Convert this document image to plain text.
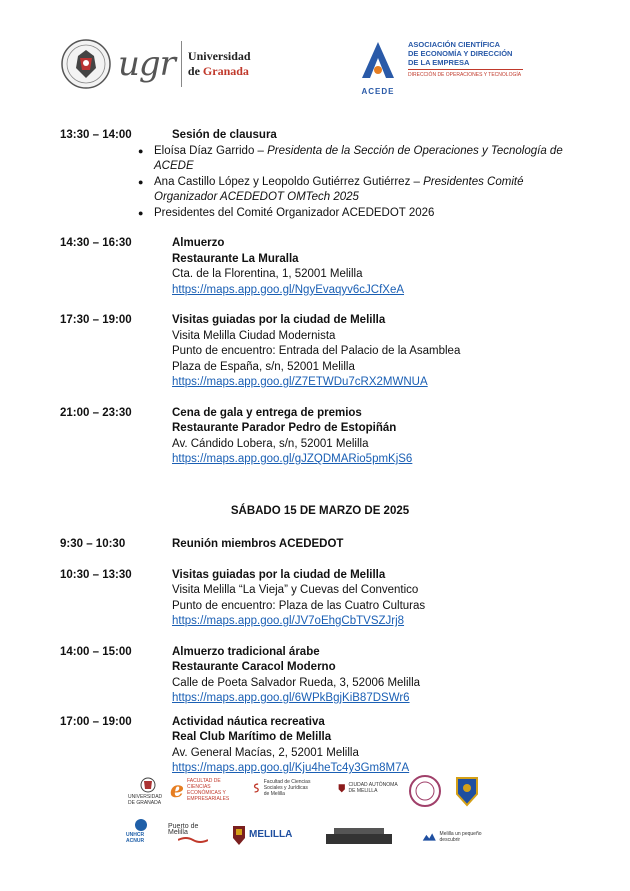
ugr Universidad
de Granada
ACEDE
ASOCIACIÓN CIENTÍFICA
DE ECONOMÍA Y DIRECCIÓN
DE LA EMPRESA
DIRECCIÓN DE OPERACIONES Y TECNOLOGÍA
13:30 – 14:00	Sesión de clausura
● Eloísa Díaz Garrido – Presidenta de la Sección de Operaciones y Tecnología de ACEDE
● Ana Castillo López y Leopoldo Gutiérrez Gutiérrez – Presidentes Comité Organizador ACEDEDOT OMTech 2025
● Presidentes del Comité Organizador ACEDEDOT 2026
14:30 – 16:30	Almuerzo
Restaurante La Muralla
Cta. de la Florentina, 1, 52001 Melilla
https://maps.app.goo.gl/NgyEvaqyv6cJCfXeA
17:30 – 19:00	Visitas guiadas por la ciudad de Melilla
Visita Melilla Ciudad Modernista
Punto de encuentro: Entrada del Palacio de la Asamblea
Plaza de España, s/n, 52001 Melilla
https://maps.app.goo.gl/Z7ETWDu7cRX2MWNUA
21:00 – 23:30	Cena de gala y entrega de premios
Restaurante Parador Pedro de Estopiñán
Av. Cándido Lobera, s/n, 52001 Melilla
https://maps.app.goo.gl/gJZQDMARio5pmKjS6
SÁBADO 15 DE MARZO DE 2025
9:30 – 10:30	Reunión miembros ACEDEDOT
10:30 – 13:30	Visitas guiadas por la ciudad de Melilla
Visita Melilla “La Vieja” y Cuevas del Conventico
Punto de encuentro: Plaza de las Cuatro Culturas
https://maps.app.goo.gl/JV7oEhgCbTVSZJrj8
14:00 – 15:00	Almuerzo tradicional árabe
Restaurante Caracol Moderno
Calle de Poeta Salvador Rueda, 3, 52006 Melilla
https://maps.app.goo.gl/6WPkBgjKiB87DSWr6
17:00 – 19:00	Actividad náutica recreativa
Real Club Marítimo de Melilla
Av. General Macías, 2, 52001 Melilla
https://maps.app.goo.gl/Kju4heTc4y3Gm8M7A
UNIVERSIDAD DE GRANADA e FACULTAD DE CIENCIAS ECONÓMICAS Y EMPRESARIALES
Facultad de Ciencias Sociales y Jurídicas de Melilla
CIUDAD AUTÓNOMA DE MELILLA
UNHCR ACNUR
Puerto de Melilla	MELILLA	Melilla un pequeño descubrir
